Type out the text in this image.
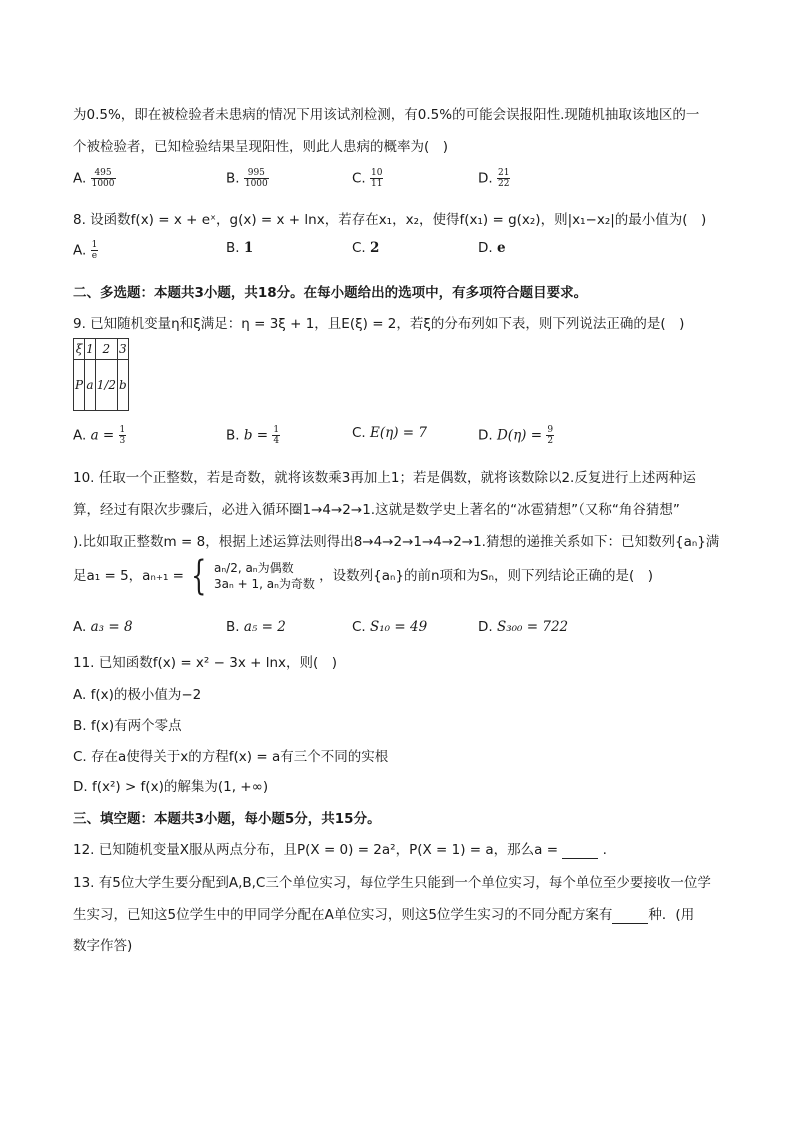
为0.5%，即在被检验者未患病的情况下用该试剂检测，有0.5%的可能会误报阳性.现随机抽取该地区的一
个被检验者，已知检验结果呈现阳性，则此人患病的概率为(　)
A. $\frac{495}{1000}$	B. $\frac{995}{1000}$	C. $\frac{10}{11}$	D. $\frac{21}{22}$
8. 设函数f(x) = x + eˣ，g(x) = x + lnx，若存在x₁，x₂，使得f(x₁) = g(x₂)，则|x₁−x₂|的最小值为(　)
A. $\frac{1}{e}$	B. 1	C. 2	D. e
二、多选题：本题共3小题，共18分。在每小题给出的选项中，有多项符合题目要求。
9. 已知随机变量η和ξ满足：η = 3ξ + 1，且E(ξ) = 2，若ξ的分布列如下表，则下列说法正确的是(　)
ξ	1	2	3
P	a	1/2	b
A. $a = \frac{1}{3}$	B. $b = \frac{1}{4}$	C. E(η) = 7	D. $D(\eta) = \frac{9}{2}$
10. 任取一个正整数，若是奇数，就将该数乘3再加上1；若是偶数，就将该数除以2.反复进行上述两种运
算，经过有限次步骤后，必进入循环圈1→4→2→1.这就是数学史上著名的“冰雹猜想”（又称“角谷猜想”
).比如取正整数m = 8，根据上述运算法则得出8→4→2→1→4→2→1.猜想的递推关系如下：已知数列{aₙ}满
足a₁ = 5，aₙ₊₁ = { aₙ/2, aₙ为偶数
3aₙ + 1, aₙ为奇数 ，设数列{aₙ}的前n项和为Sₙ，则下列结论正确的是(　)
A. a₃ = 8	B. a₅ = 2	C. S₁₀ = 49	D. S₃₀₀ = 722
11. 已知函数f(x) = x² − 3x + lnx，则(　)
A. f(x)的极小值为−2
B. f(x)有两个零点
C. 存在a使得关于x的方程f(x) = a有三个不同的实根
D. f(x²) > f(x)的解集为(1, +∞)
三、填空题：本题共3小题，每小题5分，共15分。
12. 已知随机变量X服从两点分布，且P(X = 0) = 2a²，P(X = 1) = a，那么a =	.
13. 有5位大学生要分配到A,B,C三个单位实习，每位学生只能到一个单位实习，每个单位至少要接收一位学
生实习，已知这5位学生中的甲同学分配在A单位实习，则这5位学生实习的不同分配方案有	种．(用
数字作答)
